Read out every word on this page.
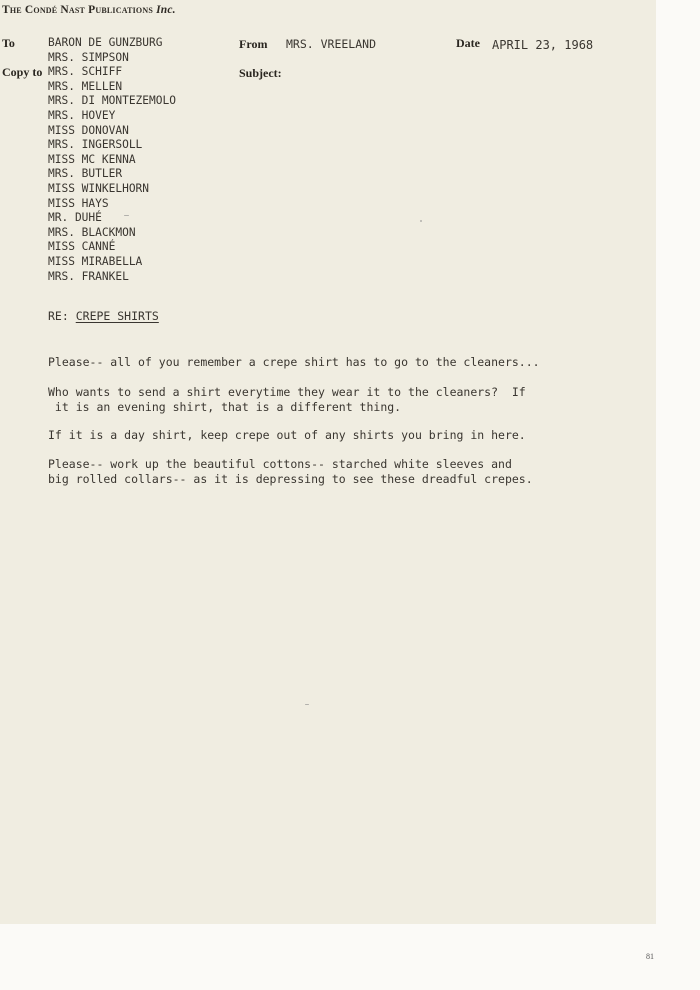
The Condé Nast Publications Inc.
To
Copy to
BARON DE GUNZBURG
MRS. SIMPSON
MRS. SCHIFF
MRS. MELLEN
MRS. DI MONTEZEMOLO
MRS. HOVEY
MISS DONOVAN
MRS. INGERSOLL
MISS MC KENNA
MRS. BUTLER
MISS WINKELHORN
MISS HAYS
MR. DUHÉ
MRS. BLACKMON
MISS CANNÉ
MISS MIRABELLA
MRS. FRANKEL
From MRS. VREELAND	Date APRIL 23, 1968
Subject:
RE: CREPE SHIRTS

Please-- all of you remember a crepe shirt has to go to the cleaners...

Who wants to send a shirt everytime they wear it to the cleaners?  If
it is an evening shirt, that is a different thing.

If it is a day shirt, keep crepe out of any shirts you bring in here.

Please-- work up the beautiful cottons-- starched white sleeves and
big rolled collars-- as it is depressing to see these dreadful crepes.

81
